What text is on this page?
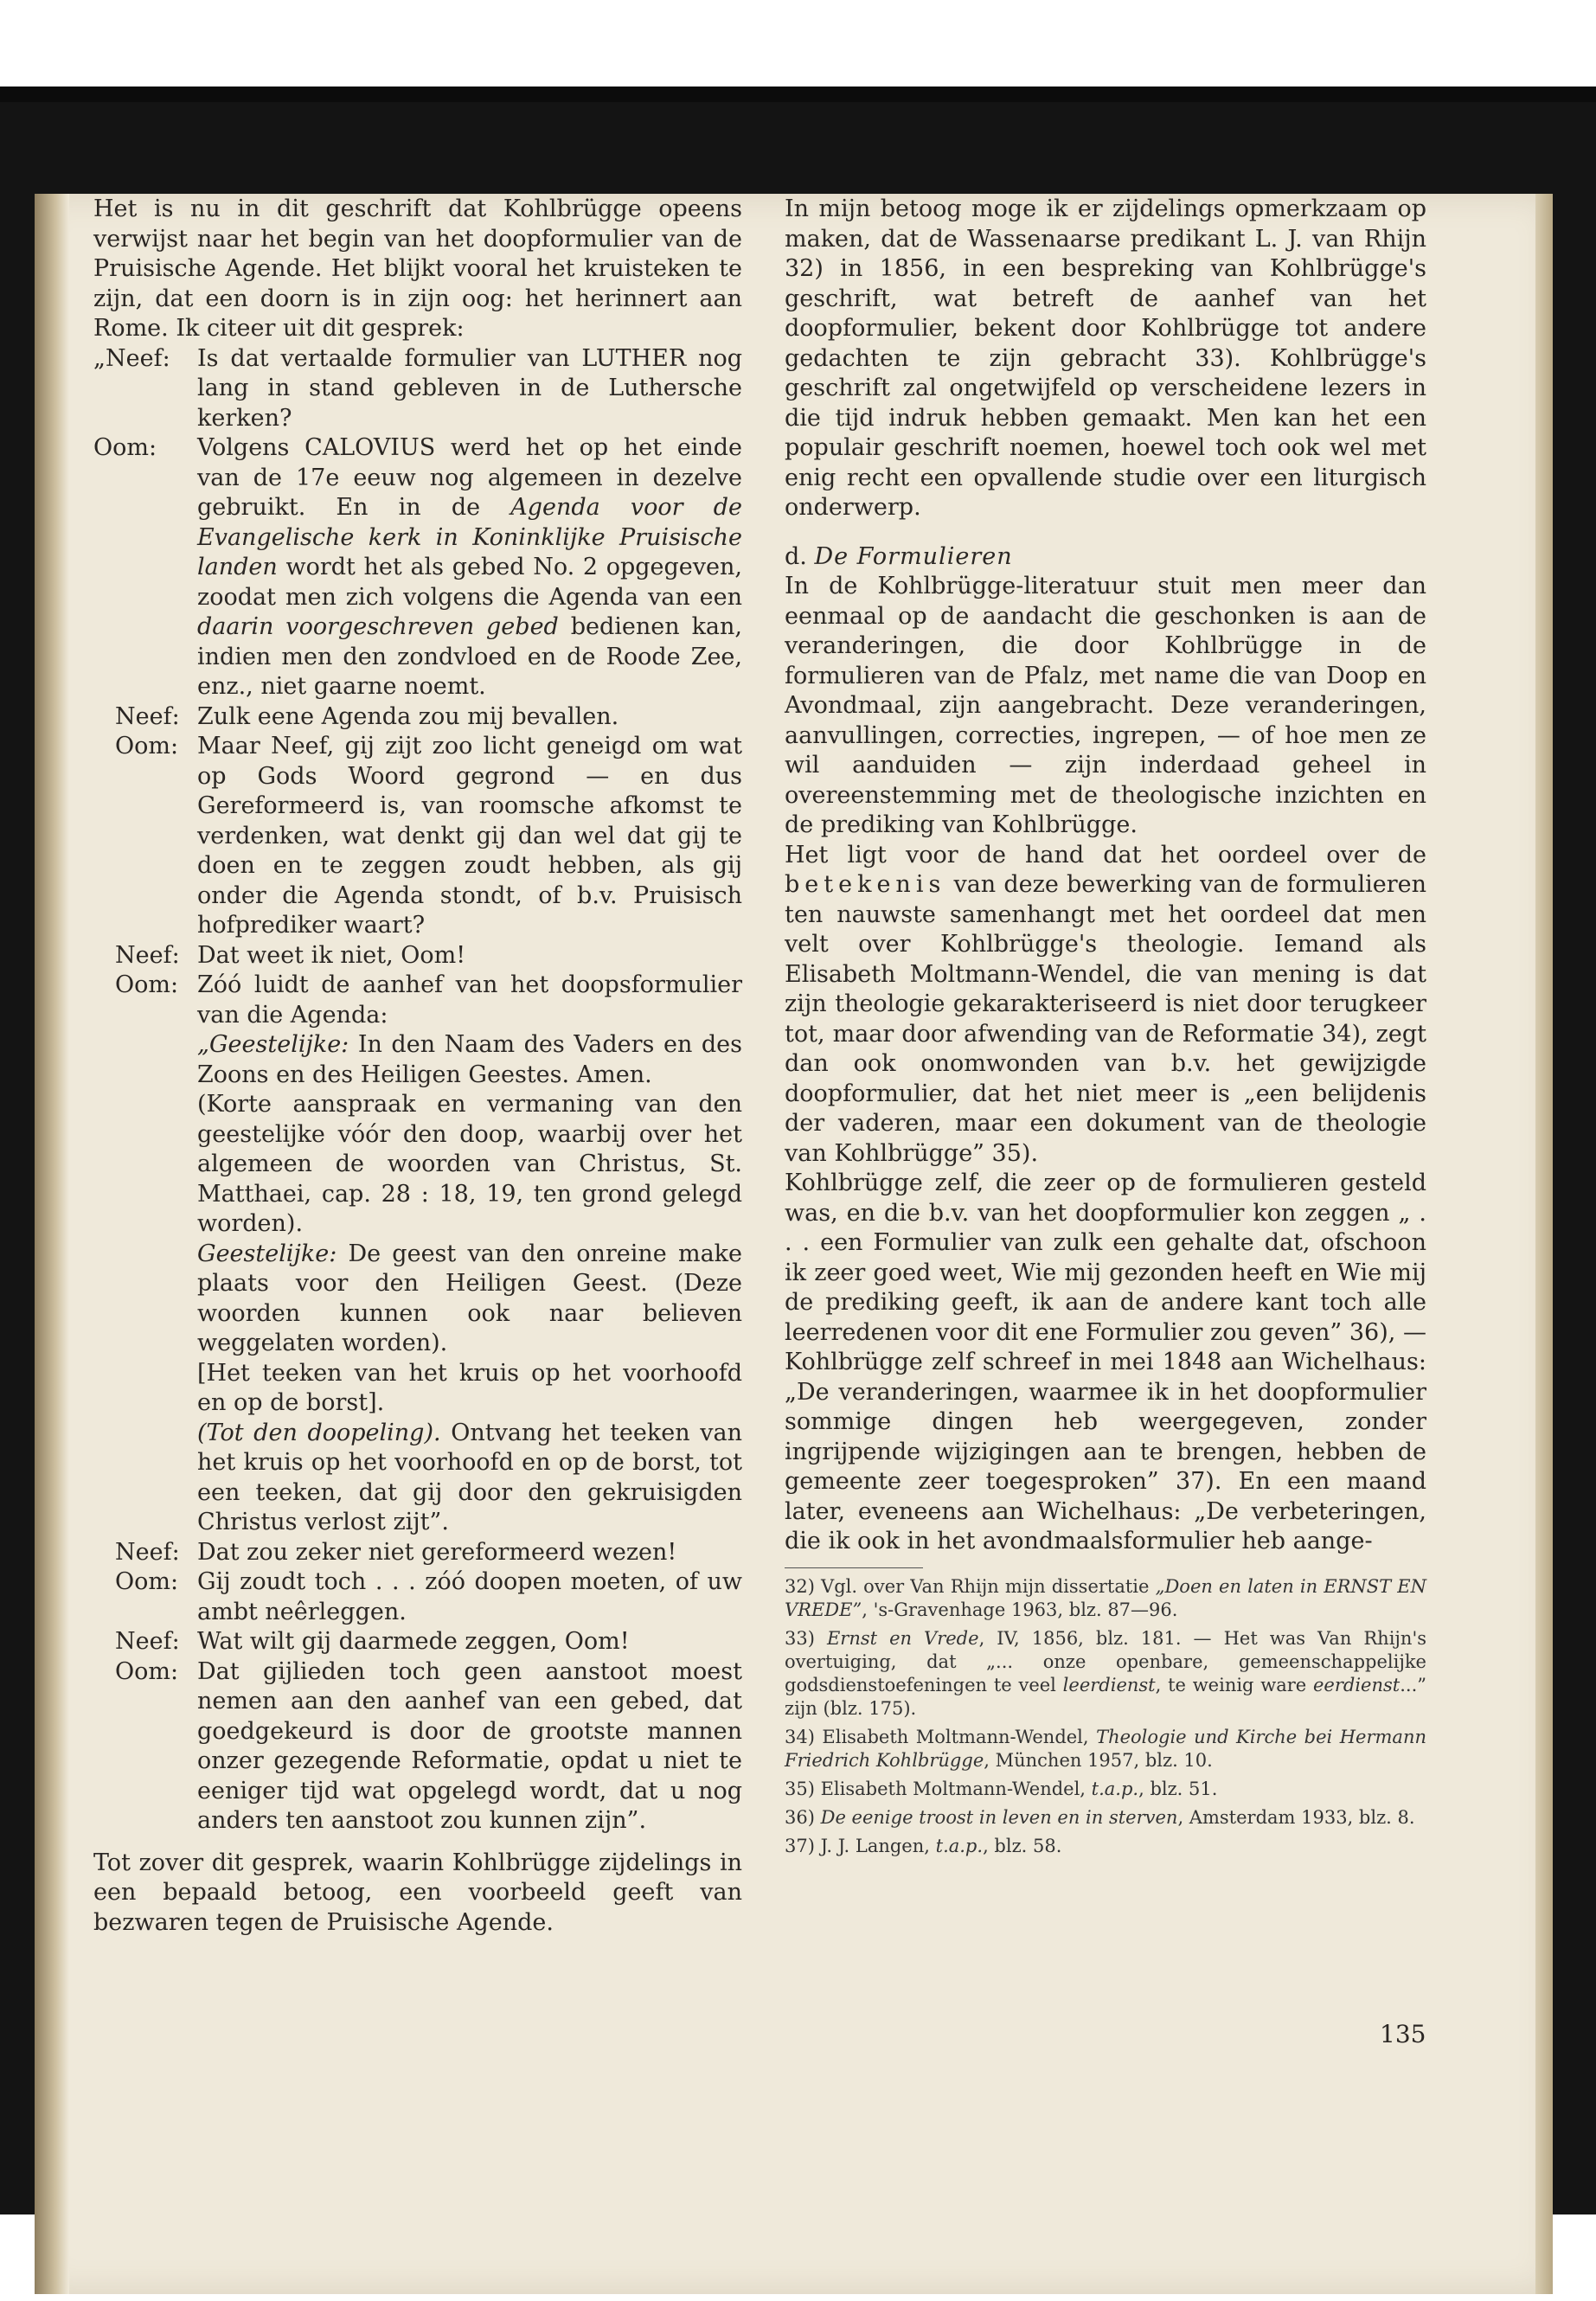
Het is nu in dit geschrift dat Kohlbrügge opeens verwijst naar het begin van het doopformulier van de Pruisische Agende. Het blijkt vooral het kruisteken te zijn, dat een doorn is in zijn oog: het herinnert aan Rome. Ik citeer uit dit gesprek:

„Neef:	Is dat vertaalde formulier van LUTHER nog lang in stand gebleven in de Luthersche kerken?
Oom:	Volgens CALOVIUS werd het op het einde van de 17e eeuw nog algemeen in dezelve gebruikt. En in de Agenda voor de Evangelische kerk in Koninklijke Pruisische landen wordt het als gebed No. 2 opgegeven, zoodat men zich volgens die Agenda van een daarin voorgeschreven gebed bedienen kan, indien men den zondvloed en de Roode Zee, enz., niet gaarne noemt.
Neef: Zulk eene Agenda zou mij bevallen.
Oom: Maar Neef, gij zijt zoo licht geneigd om wat op Gods Woord gegrond — en dus Gereformeerd is, van roomsche afkomst te verdenken, wat denkt gij dan wel dat gij te doen en te zeggen zoudt hebben, als gij onder die Agenda stondt, of b.v. Pruisisch hofprediker waart?
Neef: Dat weet ik niet, Oom!
Oom: Zóó luidt de aanhef van het doopsformulier van die Agenda:

„Geestelijke: In den Naam des Vaders en des Zoons en des Heiligen Geestes. Amen.

(Korte aanspraak en vermaning van den geestelijke vóór den doop, waarbij over het algemeen de woorden van Christus, St. Matthaei, cap. 28 : 18, 19, ten grond gelegd worden).

Geestelijke: De geest van den onreine make plaats voor den Heiligen Geest. (Deze woorden kunnen ook naar believen weggelaten worden).

[Het teeken van het kruis op het voorhoofd en op de borst].

(Tot den doopeling). Ontvang het teeken van het kruis op het voorhoofd en op de borst, tot een teeken, dat gij door den gekruisigden Christus verlost zijt”.

Neef: Dat zou zeker niet gereformeerd wezen!
Oom: Gij zoudt toch . . . zóó doopen moeten, of uw ambt neêrleggen.
Neef: Wat wilt gij daarmede zeggen, Oom!
Oom: Dat gijlieden toch geen aanstoot moest nemen aan den aanhef van een gebed, dat goedgekeurd is door de grootste mannen onzer gezegende Reformatie, opdat u niet te eeniger tijd wat opgelegd wordt, dat u nog anders ten aanstoot zou kunnen zijn”.

Tot zover dit gesprek, waarin Kohlbrügge zijdelings in een bepaald betoog, een voorbeeld geeft van bezwaren tegen de Pruisische Agende.

In mijn betoog moge ik er zijdelings opmerkzaam op maken, dat de Wassenaarse predikant L. J. van Rhijn 32) in 1856, in een bespreking van Kohlbrügge's geschrift, wat betreft de aanhef van het doopformulier, bekent door Kohlbrügge tot andere gedachten te zijn gebracht 33). Kohlbrügge's geschrift zal ongetwijfeld op verscheidene lezers in die tijd indruk hebben gemaakt. Men kan het een populair geschrift noemen, hoewel toch ook wel met enig recht een opvallende studie over een liturgisch onderwerp.

d. De Formulieren

In de Kohlbrügge-literatuur stuit men meer dan eenmaal op de aandacht die geschonken is aan de veranderingen, die door Kohlbrügge in de formulieren van de Pfalz, met name die van Doop en Avondmaal, zijn aangebracht. Deze veranderingen, aanvullingen, correcties, ingrepen, — of hoe men ze wil aanduiden — zijn inderdaad geheel in overeenstemming met de theologische inzichten en de prediking van Kohlbrügge.

Het ligt voor de hand dat het oordeel over de betekenis van deze bewerking van de formulieren ten nauwste samenhangt met het oordeel dat men velt over Kohlbrügge's theologie. Iemand als Elisabeth Moltmann-Wendel, die van mening is dat zijn theologie gekarakteriseerd is niet door terugkeer tot, maar door afwending van de Reformatie 34), zegt dan ook onomwonden van b.v. het gewijzigde doopformulier, dat het niet meer is „een belijdenis der vaderen, maar een dokument van de theologie van Kohlbrügge” 35).

Kohlbrügge zelf, die zeer op de formulieren gesteld was, en die b.v. van het doopformulier kon zeggen „ . . . een Formulier van zulk een gehalte dat, ofschoon ik zeer goed weet, Wie mij gezonden heeft en Wie mij de prediking geeft, ik aan de andere kant toch alle leerredenen voor dit ene Formulier zou geven” 36), — Kohlbrügge zelf schreef in mei 1848 aan Wichelhaus: „De veranderingen, waarmee ik in het doopformulier sommige dingen heb weergegeven, zonder ingrijpende wijzigingen aan te brengen, hebben de gemeente zeer toegesproken” 37). En een maand later, eveneens aan Wichelhaus: „De verbeteringen, die ik ook in het avondmaalsformulier heb aange-

32) Vgl. over Van Rhijn mijn dissertatie „Doen en laten in ERNST EN VREDE”, 's-Gravenhage 1963, blz. 87—96.

33) Ernst en Vrede, IV, 1856, blz. 181. — Het was Van Rhijn's overtuiging, dat „... onze openbare, gemeenschappelijke godsdienstoefeningen te veel leerdienst, te weinig ware eerdienst...” zijn (blz. 175).

34) Elisabeth Moltmann-Wendel, Theologie und Kirche bei Hermann Friedrich Kohlbrügge, München 1957, blz. 10.

35) Elisabeth Moltmann-Wendel, t.a.p., blz. 51.

36) De eenige troost in leven en in sterven, Amsterdam 1933, blz. 8.

37) J. J. Langen, t.a.p., blz. 58.

135
